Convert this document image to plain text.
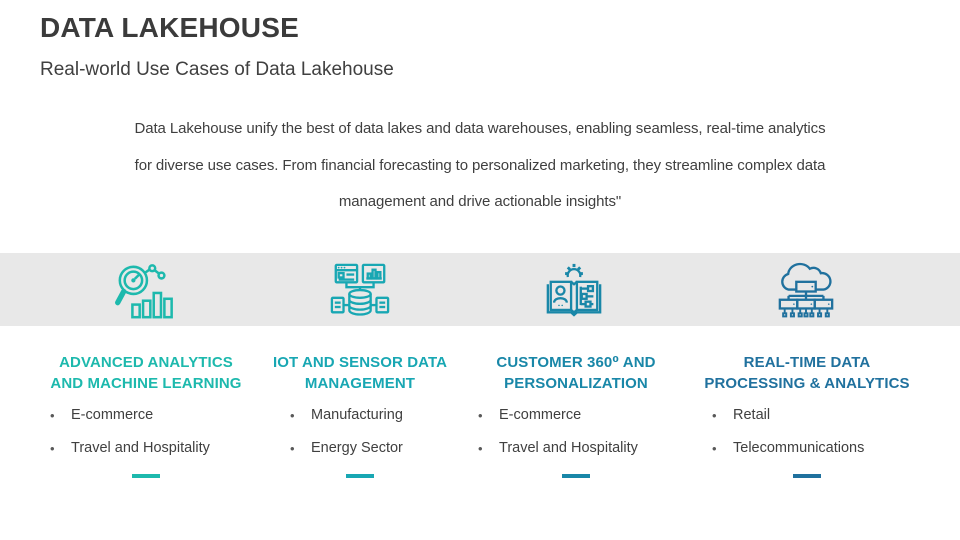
DATA LAKEHOUSE
Real-world Use Cases of Data Lakehouse
Data Lakehouse unify the best of data lakes and data warehouses, enabling seamless, real-time analytics for diverse use cases. From financial forecasting to personalized marketing, they streamline complex data management and drive actionable insights"
ADVANCED ANALYTICS
AND MACHINE LEARNING
•	E-commerce
•	Travel and Hospitality
IOT AND SENSOR DATA
MANAGEMENT
•	Manufacturing
•	Energy Sector
CUSTOMER 360⁰ AND
PERSONALIZATION
•	E-commerce
•	Travel and Hospitality
REAL-TIME DATA
PROCESSING & ANALYTICS
•	Retail
•	Telecommunications
